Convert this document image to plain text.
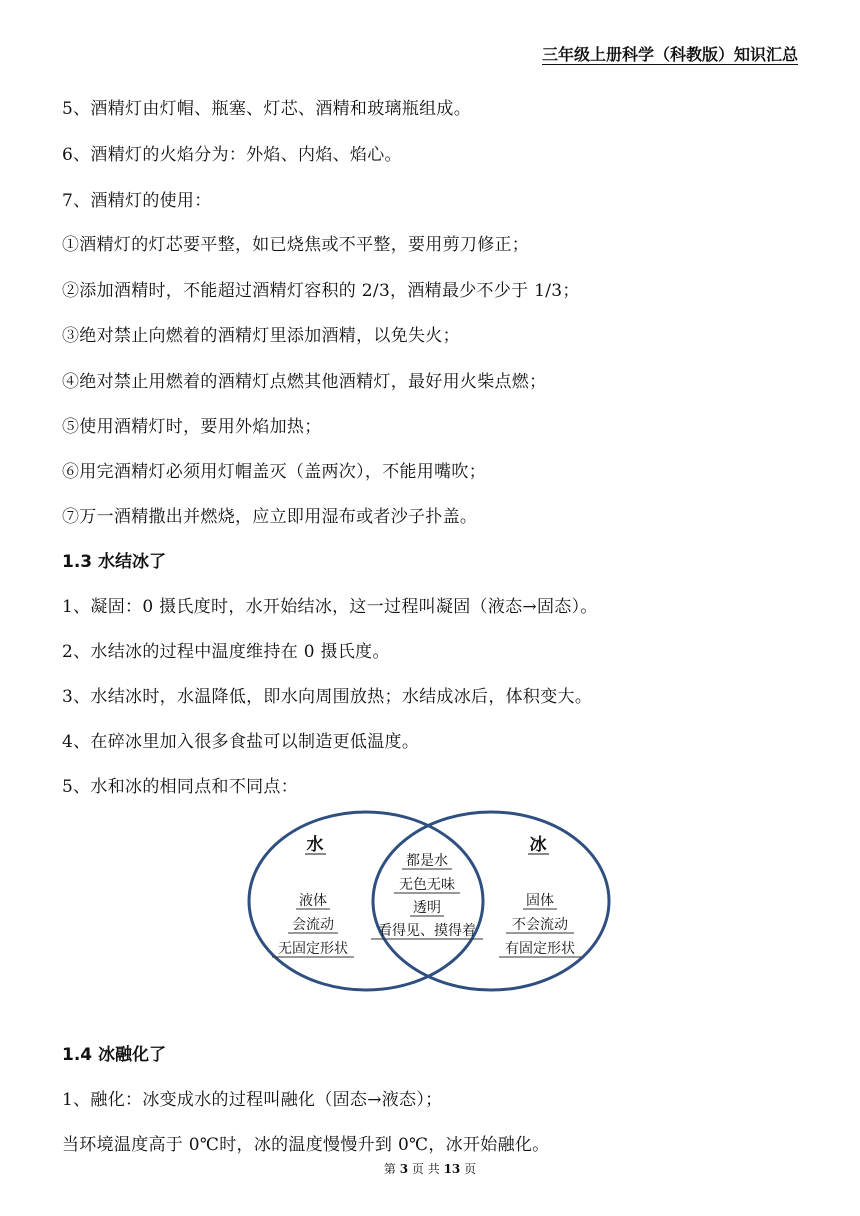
三年级上册科学（科教版）知识汇总
5、酒精灯由灯帽、瓶塞、灯芯、酒精和玻璃瓶组成。
6、酒精灯的火焰分为：外焰、内焰、焰心。
7、酒精灯的使用：
①酒精灯的灯芯要平整，如已烧焦或不平整，要用剪刀修正；
②添加酒精时，不能超过酒精灯容积的 2/3，酒精最少不少于 1/3；
③绝对禁止向燃着的酒精灯里添加酒精，以免失火；
④绝对禁止用燃着的酒精灯点燃其他酒精灯，最好用火柴点燃；
⑤使用酒精灯时，要用外焰加热；
⑥用完酒精灯必须用灯帽盖灭（盖两次），不能用嘴吹；
⑦万一酒精撒出并燃烧，应立即用湿布或者沙子扑盖。
1.3 水结冰了
1、凝固：0 摄氏度时，水开始结冰，这一过程叫凝固（液态→固态）。
2、水结冰的过程中温度维持在 0 摄氏度。
3、水结冰时，水温降低，即水向周围放热；水结成冰后，体积变大。
4、在碎冰里加入很多食盐可以制造更低温度。
5、水和冰的相同点和不同点：
水	冰
液体
会流动
无固定形状
都是水
无色无味
透明
看得见、摸得着
固体
不会流动
有固定形状
1.4 冰融化了
1、融化：冰变成水的过程叫融化（固态→液态）；
当环境温度高于 0℃时，冰的温度慢慢升到 0℃，冰开始融化。
第 3 页 共 13 页
